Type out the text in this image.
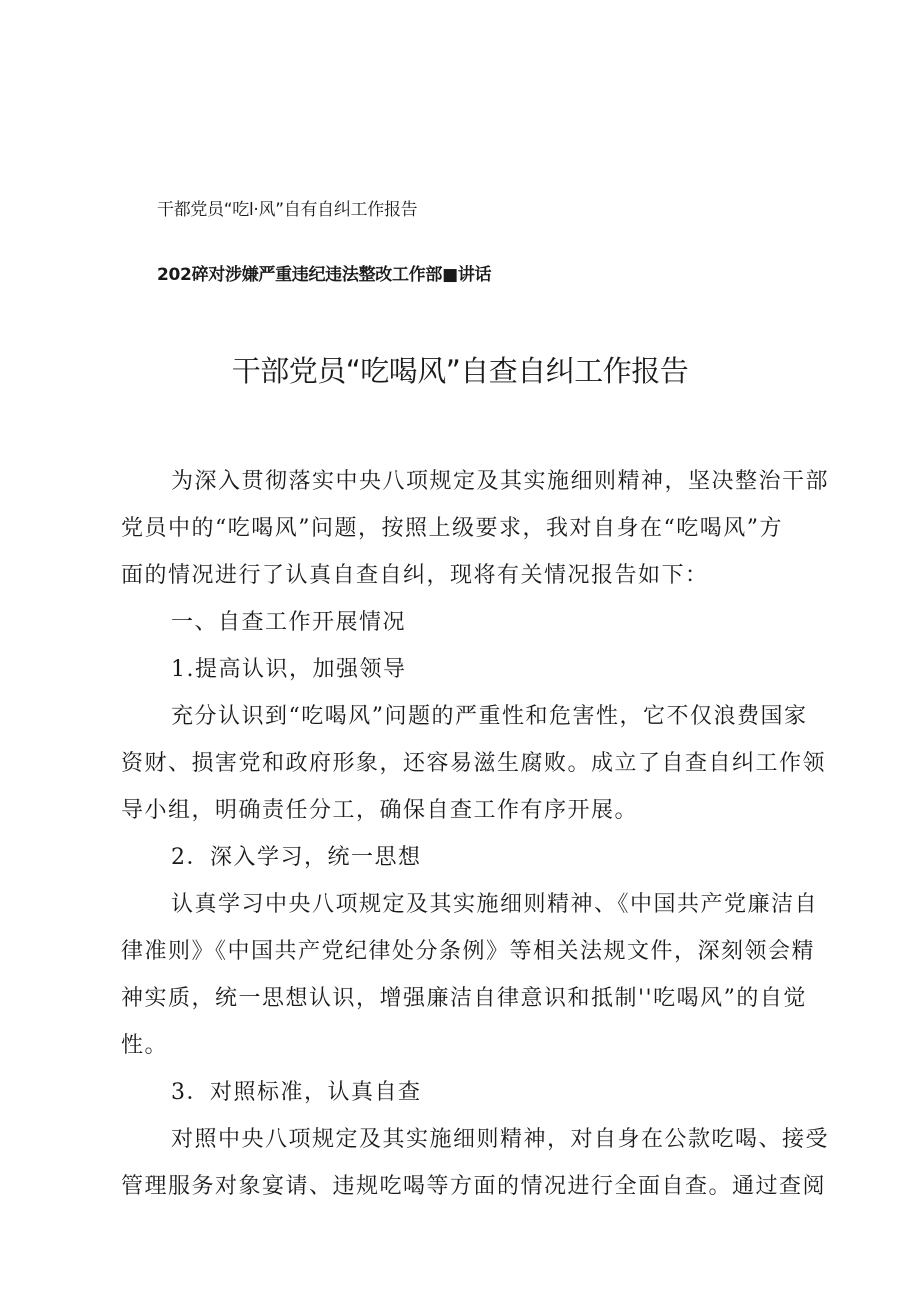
干都党员“吃l·风”自有自纠工作报告
202碎对涉嫌严重违纪违法整改工作部■讲话
干部党员“吃喝风”自查自纠工作报告
为深入贯彻落实中央八项规定及其实施细则精神，坚决整治干部
党员中的“吃喝风”问题，按照上级要求，我对自身在“吃喝风”方
面的情况进行了认真自查自纠，现将有关情况报告如下：
一、自查工作开展情况
1.提高认识，加强领导
充分认识到“吃喝风”问题的严重性和危害性，它不仅浪费国家
资财、损害党和政府形象，还容易滋生腐败。成立了自查自纠工作领
导小组，明确责任分工，确保自查工作有序开展。
2．深入学习，统一思想
认真学习中央八项规定及其实施细则精神、《中国共产党廉洁自
律准则》《中国共产党纪律处分条例》等相关法规文件，深刻领会精
神实质，统一思想认识，增强廉洁自律意识和抵制''吃喝风”的自觉
性。
3．对照标准，认真自查
对照中央八项规定及其实施细则精神，对自身在公款吃喝、接受
管理服务对象宴请、违规吃喝等方面的情况进行全面自查。通过查阅
